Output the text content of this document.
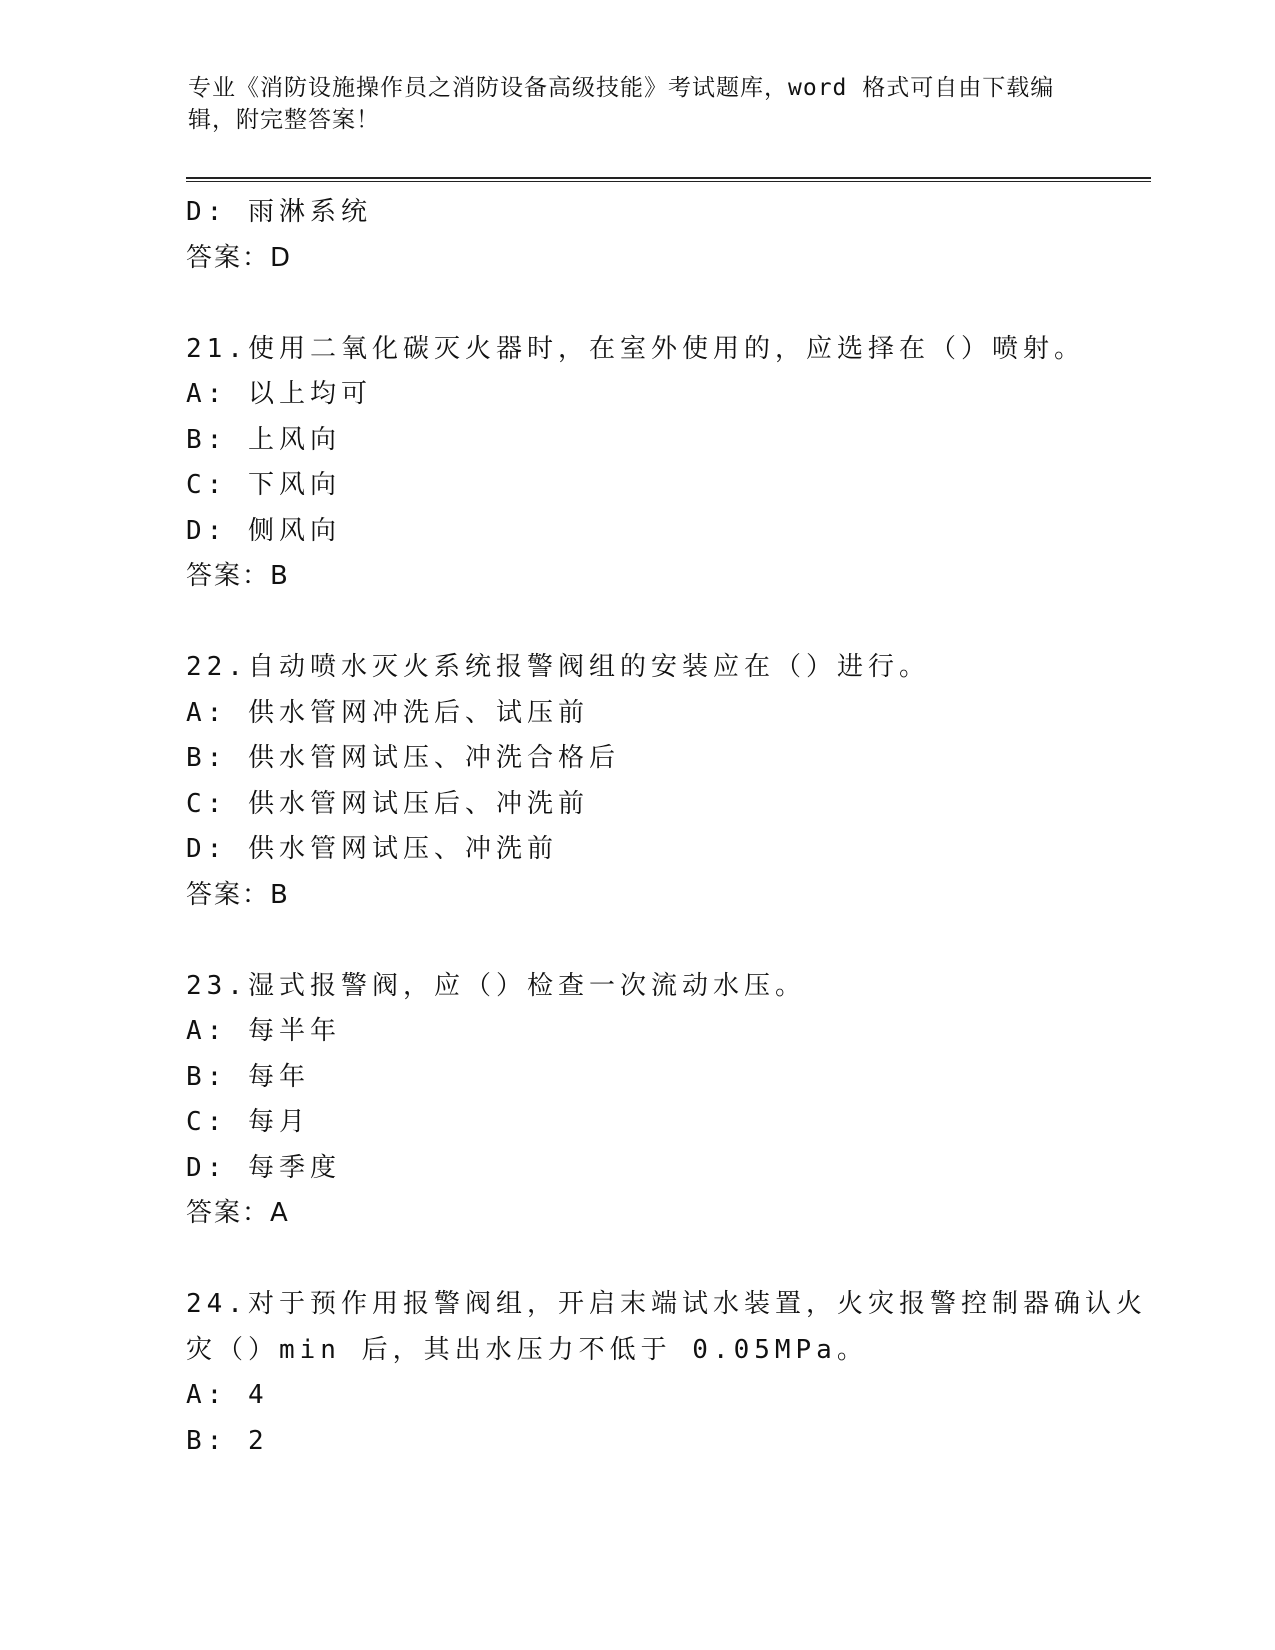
专业《消防设施操作员之消防设备高级技能》考试题库，word 格式可自由下载编辑，附完整答案！
D: 雨淋系统
答案：D
21.使用二氧化碳灭火器时，在室外使用的，应选择在（）喷射。
A: 以上均可
B: 上风向
C: 下风向
D: 侧风向
答案：B
22.自动喷水灭火系统报警阀组的安装应在（）进行。
A: 供水管网冲洗后、试压前
B: 供水管网试压、冲洗合格后
C: 供水管网试压后、冲洗前
D: 供水管网试压、冲洗前
答案：B
23.湿式报警阀，应（）检查一次流动水压。
A: 每半年
B: 每年
C: 每月
D: 每季度
答案：A
24.对于预作用报警阀组，开启末端试水装置，火灾报警控制器确认火
灾（）min 后，其出水压力不低于 0.05MPa。
A: 4
B: 2
